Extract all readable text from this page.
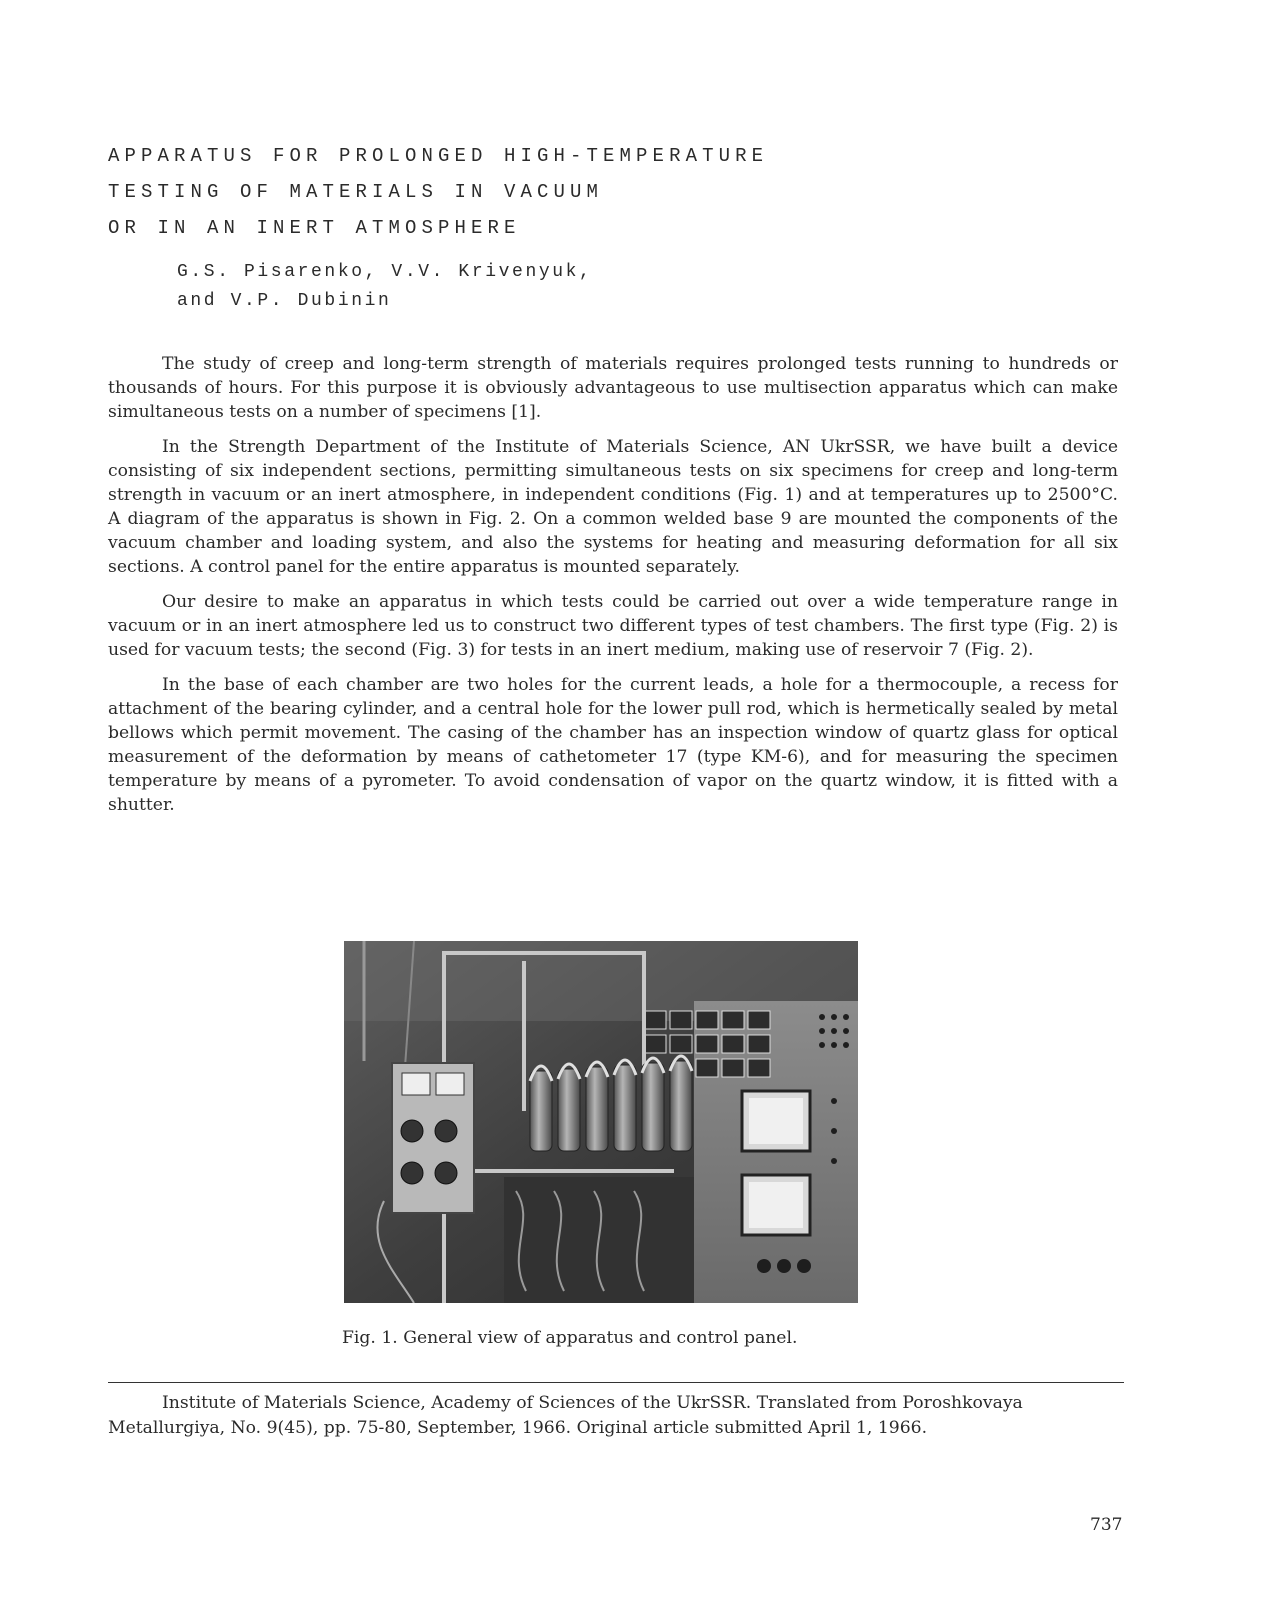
APPARATUS FOR PROLONGED HIGH-TEMPERATURE
TESTING OF MATERIALS IN VACUUM
OR IN AN INERT ATMOSPHERE
G.S. Pisarenko, V.V. Krivenyuk,
and V.P. Dubinin

The study of creep and long-term strength of materials requires prolonged tests running to hundreds or thousands of hours. For this purpose it is obviously advantageous to use multisection apparatus which can make simultaneous tests on a number of specimens [1].

In the Strength Department of the Institute of Materials Science, AN UkrSSR, we have built a device consisting of six independent sections, permitting simultaneous tests on six specimens for creep and long-term strength in vacuum or an inert atmosphere, in independent conditions (Fig. 1) and at temperatures up to 2500°C. A diagram of the apparatus is shown in Fig. 2. On a common welded base 9 are mounted the components of the vacuum chamber and loading system, and also the systems for heating and measuring deformation for all six sections. A control panel for the entire apparatus is mounted separately.

Our desire to make an apparatus in which tests could be carried out over a wide temperature range in vacuum or in an inert atmosphere led us to construct two different types of test chambers. The first type (Fig. 2) is used for vacuum tests; the second (Fig. 3) for tests in an inert medium, making use of reservoir 7 (Fig. 2).

In the base of each chamber are two holes for the current leads, a hole for a thermocouple, a recess for attachment of the bearing cylinder, and a central hole for the lower pull rod, which is hermetically sealed by metal bellows which permit movement. The casing of the chamber has an inspection window of quartz glass for optical measurement of the deformation by means of cathetometer 17 (type KM-6), and for measuring the specimen temperature by means of a pyrometer. To avoid condensation of vapor on the quartz window, it is fitted with a shutter.

Fig. 1. General view of apparatus and control panel.

Institute of Materials Science, Academy of Sciences of the UkrSSR. Translated from Poroshkovaya Metallurgiya, No. 9(45), pp. 75-80, September, 1966. Original article submitted April 1, 1966.

737
